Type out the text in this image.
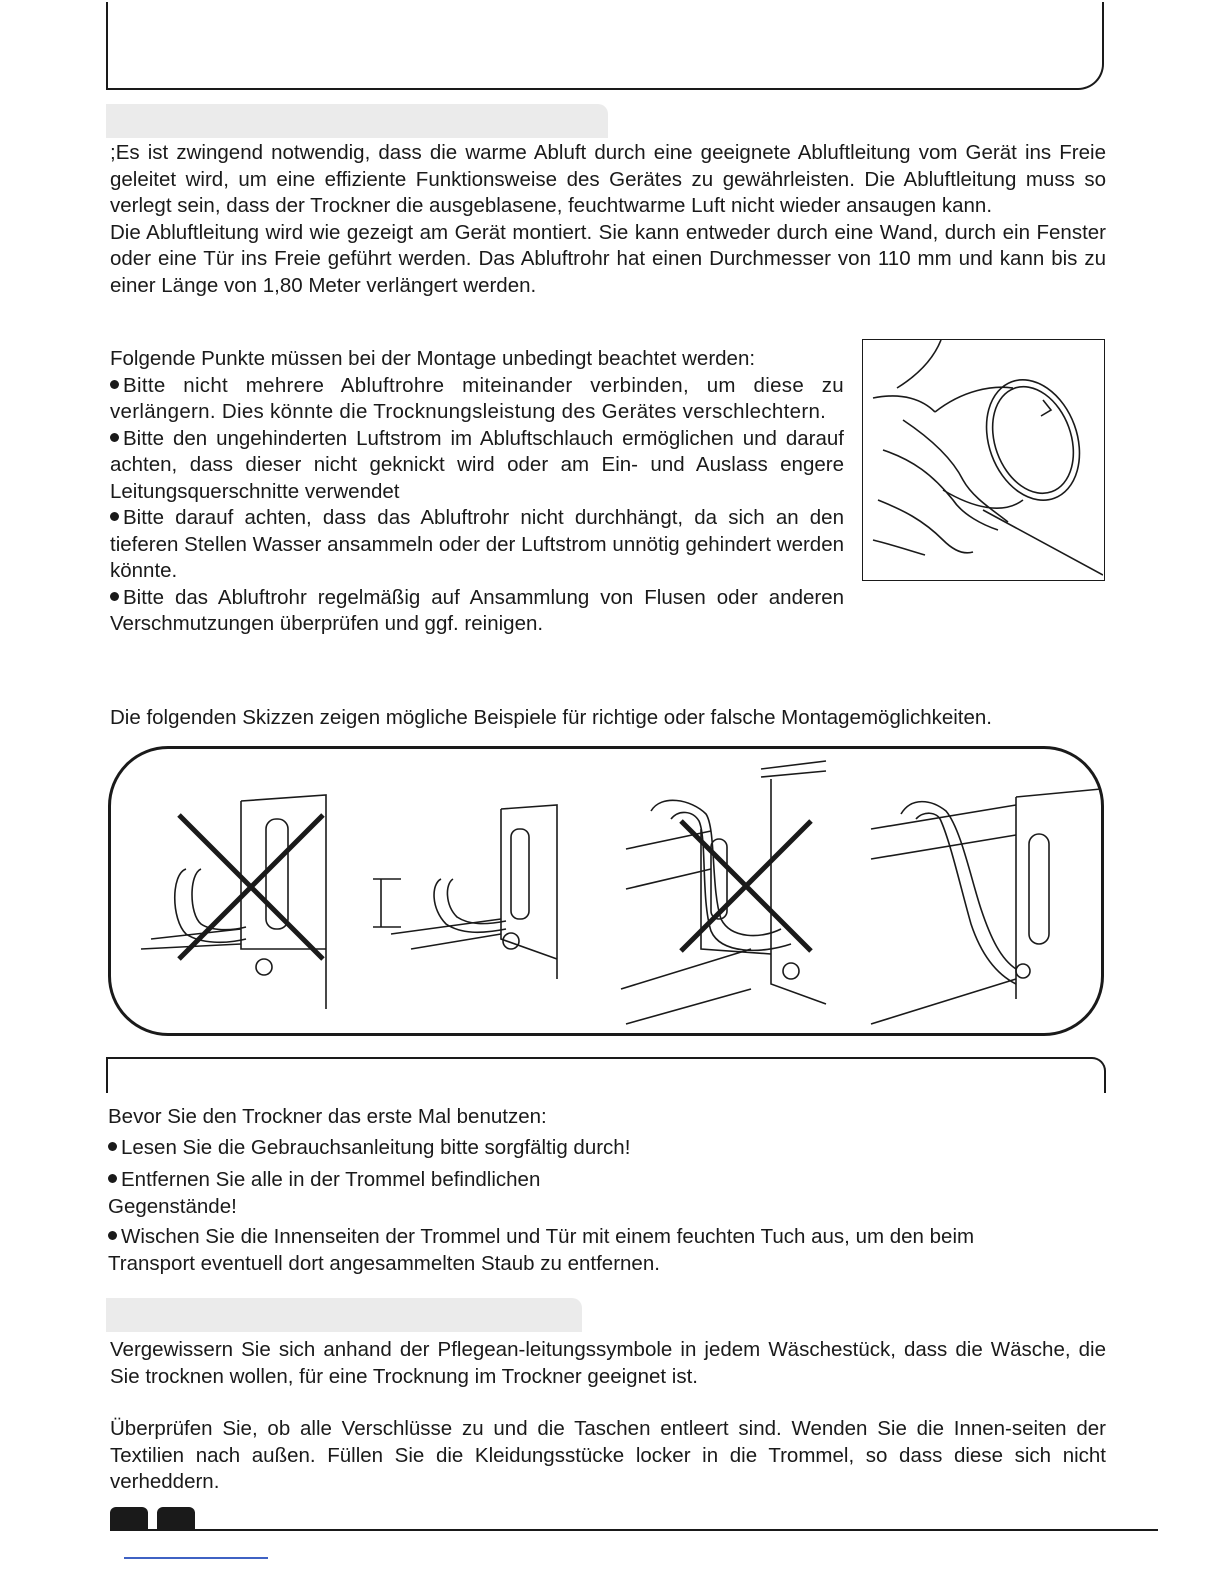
;Es ist zwingend notwendig, dass die warme Abluft durch eine geeignete Abluftleitung vom Gerät ins Freie geleitet wird, um eine effiziente Funktionsweise des Gerätes zu gewährleisten. Die Abluftleitung muss so verlegt sein, dass der Trockner die ausgeblasene, feuchtwarme Luft nicht wieder ansaugen kann.

Die Abluftleitung wird wie gezeigt am Gerät montiert. Sie kann entweder durch eine Wand, durch ein Fenster oder eine Tür ins Freie geführt werden. Das Abluftrohr hat einen Durchmesser von 110 mm und kann bis zu einer Länge von 1,80 Meter verlängert werden.

Folgende Punkte müssen bei der Montage unbedingt beachtet werden:

Bitte nicht mehrere Abluftrohre miteinander verbinden, um diese zu verlängern. Dies könnte die Trocknungsleistung des Gerätes verschlechtern.

Bitte den ungehinderten Luftstrom im Abluftschlauch ermöglichen und darauf achten, dass dieser nicht geknickt wird oder am Ein- und Auslass engere Leitungsquerschnitte verwendet

Bitte darauf achten, dass das Abluftrohr nicht durchhängt, da sich an den tieferen Stellen Wasser ansammeln oder der Luftstrom unnötig gehindert werden könnte.

Bitte das Abluftrohr regelmäßig auf Ansammlung von Flusen oder anderen Verschmutzungen überprüfen und ggf. reinigen.

Die folgenden Skizzen zeigen mögliche Beispiele für richtige oder falsche Montagemöglichkeiten.

Bevor Sie den Trockner das erste Mal benutzen:

Lesen Sie die Gebrauchsanleitung bitte sorgfältig durch!

Entfernen Sie alle in der Trommel befindlichen

Gegenstände!

Wischen Sie die Innenseiten der Trommel und Tür mit einem feuchten Tuch aus, um den beim

Transport eventuell dort angesammelten Staub zu entfernen.

Vergewissern Sie sich anhand der Pflegean-leitungssymbole in jedem Wäschestück, dass die Wäsche, die Sie trocknen wollen, für eine Trocknung im Trockner geeignet ist.

Überprüfen Sie, ob alle Verschlüsse zu und die Taschen entleert sind. Wenden Sie die Innen-seiten der Textilien nach außen. Füllen Sie die Kleidungsstücke locker in die Trommel, so dass diese sich nicht verheddern.
